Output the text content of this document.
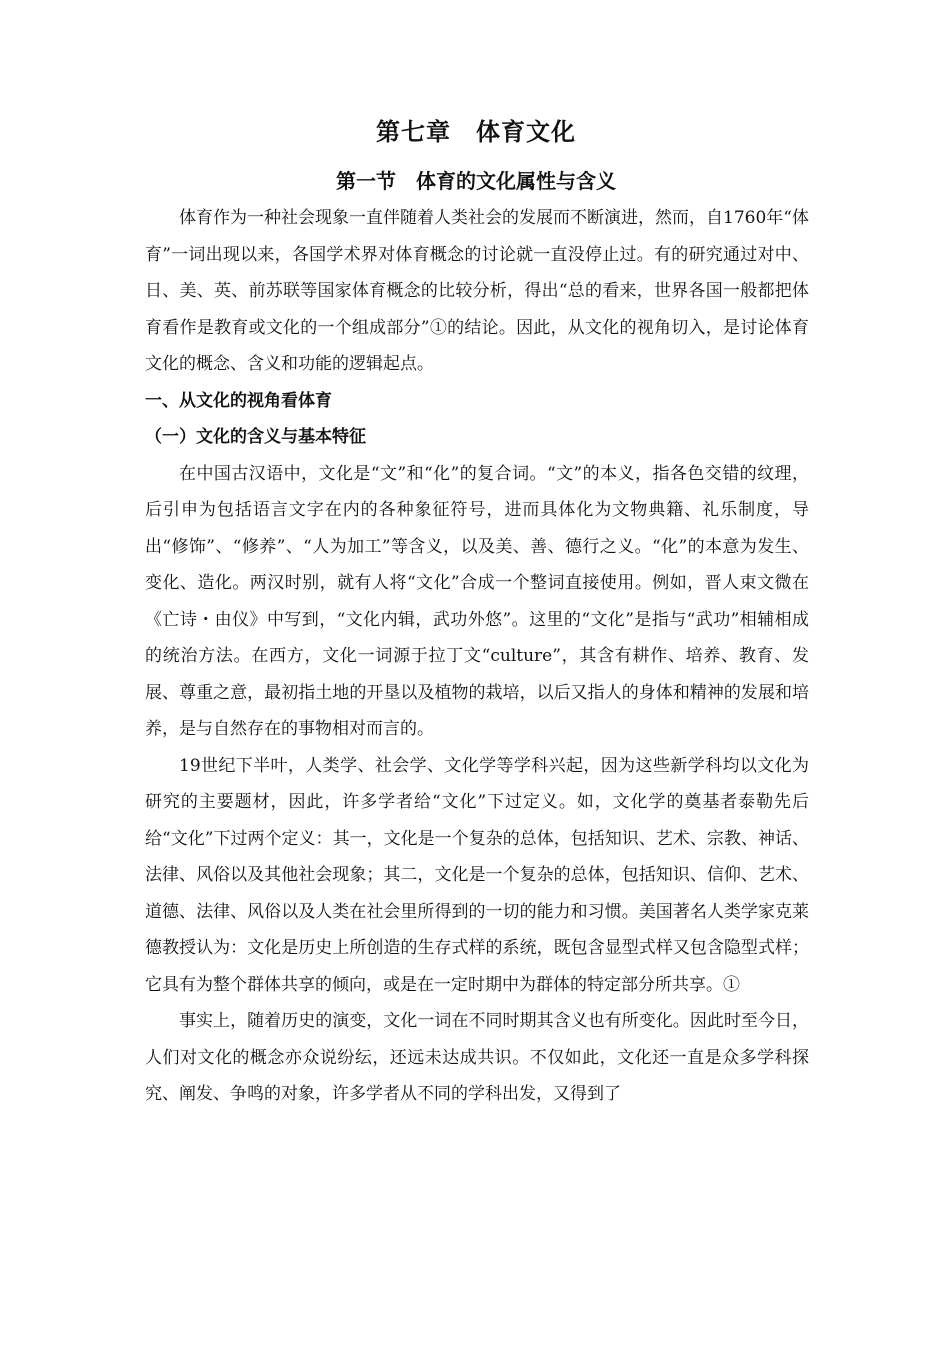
第七章　体育文化
第一节　体育的文化属性与含义

体育作为一种社会现象一直伴随着人类社会的发展而不断演进，然而，自1760年“体育”一词出现以来，各国学术界对体育概念的讨论就一直没停止过。有的研究通过对中、日、美、英、前苏联等国家体育概念的比较分析，得出“总的看来，世界各国一般都把体育看作是教育或文化的一个组成部分”①的结论。因此，从文化的视角切入，是讨论体育文化的概念、含义和功能的逻辑起点。

一、从文化的视角看体育
（一）文化的含义与基本特征

在中国古汉语中，文化是“文”和“化”的复合词。“文”的本义，指各色交错的纹理，后引申为包括语言文字在内的各种象征符号，进而具体化为文物典籍、礼乐制度，导出“修饰”、“修养”、“人为加工”等含义，以及美、善、德行之义。“化”的本意为发生、变化、造化。两汉时别，就有人将“文化”合成一个整词直接使用。例如，晋人束文微在《亡诗・由仪》中写到，“文化内辑，武功外悠”。这里的“文化”是指与“武功”相辅相成的统治方法。在西方，文化一词源于拉丁文“culture”，其含有耕作、培养、教育、发展、尊重之意，最初指土地的开垦以及植物的栽培，以后又指人的身体和精神的发展和培养，是与自然存在的事物相对而言的。

19世纪下半叶，人类学、社会学、文化学等学科兴起，因为这些新学科均以文化为研究的主要题材，因此，许多学者给“文化”下过定义。如，文化学的奠基者泰勒先后给“文化”下过两个定义：其一，文化是一个复杂的总体，包括知识、艺术、宗教、神话、法律、风俗以及其他社会现象；其二，文化是一个复杂的总体，包括知识、信仰、艺术、道德、法律、风俗以及人类在社会里所得到的一切的能力和习惯。美国著名人类学家克莱德教授认为：文化是历史上所创造的生存式样的系统，既包含显型式样又包含隐型式样；它具有为整个群体共享的倾向，或是在一定时期中为群体的特定部分所共享。①

事实上，随着历史的演变，文化一词在不同时期其含义也有所变化。因此时至今日，人们对文化的概念亦众说纷纭，还远未达成共识。不仅如此，文化还一直是众多学科探究、阐发、争鸣的对象，许多学者从不同的学科出发，又得到了
